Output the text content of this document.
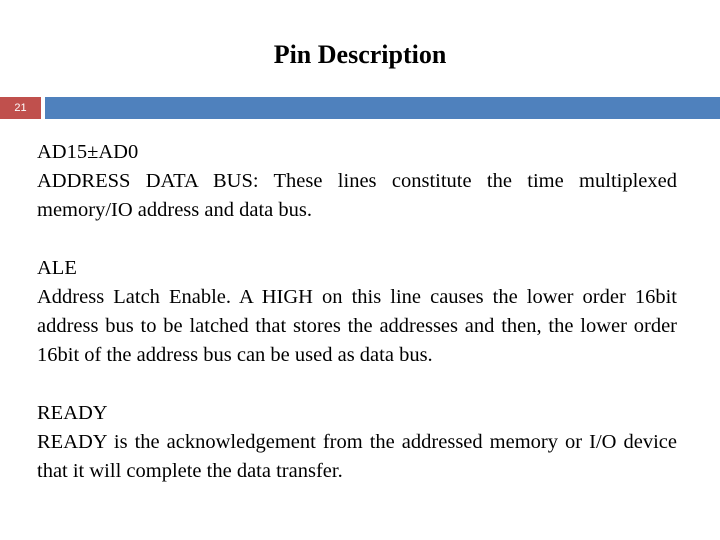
Pin Description
21
AD15±AD0
ADDRESS DATA BUS: These lines constitute the time multiplexed memory/IO address and data bus.
ALE
Address Latch Enable. A HIGH on this line causes the lower order 16bit address bus to be latched that stores the addresses and then, the lower order 16bit of the address bus can be used as data bus.
READY
READY is the acknowledgement from the addressed memory or I/O device that it will complete the data transfer.
